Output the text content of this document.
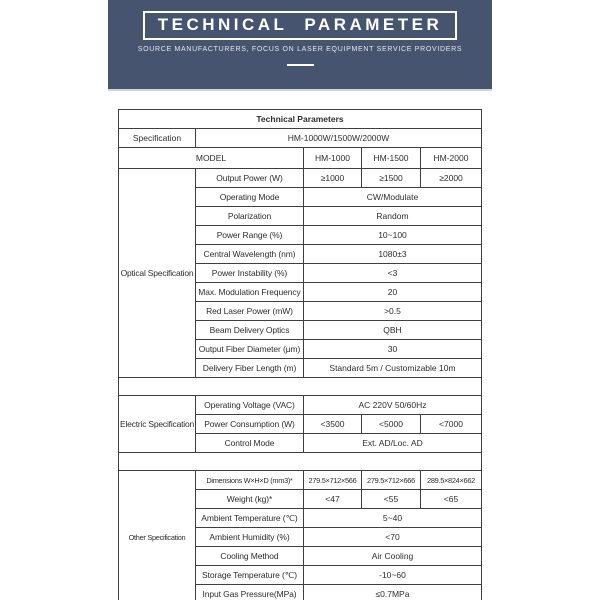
TECHNICAL PARAMETER

SOURCE MANUFACTURERS, FOCUS ON LASER EQUIPMENT SERVICE PROVIDERS

Technical Parameters				
Specification	HM-1000W/1500W/2000W			
MODEL		HM-1000	HM-1500	HM-2000
Optical Specification	Output Power (W)	≥1000	≥1500	≥2000
	Operating Mode	CW/Modulate		
	Polarization	Random		
	Power Range (%)	10~100		
	Central Wavelength (nm)	1080±3		
	Power Instability (%)	<3		
	Max. Modulation Frequency	20		
	Red Laser Power (mW)	>0.5		
	Beam Delivery Optics	QBH		
	Output Fiber Diameter (μm)	30		
	Delivery Fiber Length (m)	Standard 5m / Customizable 10m		

Electric Specification	Operating Voltage (VAC)	AC 220V 50/60Hz		
	Power Consumption (W)	<3500	<5000	<7000
	Control Mode	Ext. AD/Loc. AD		

Other Specification	Dimensions W×H×D (mm3)*	279.5×712×566	279.5×712×666	289.5×824×662
	Weight (kg)*	<47	<55	<65
	Ambient Temperature (℃)	5~40		
	Ambient Humidity (%)	<70		
	Cooling Method	Air Cooling		
	Storage Temperature (℃)	-10~60		
	Input Gas Pressure(MPa)	≤0.7MPa		
